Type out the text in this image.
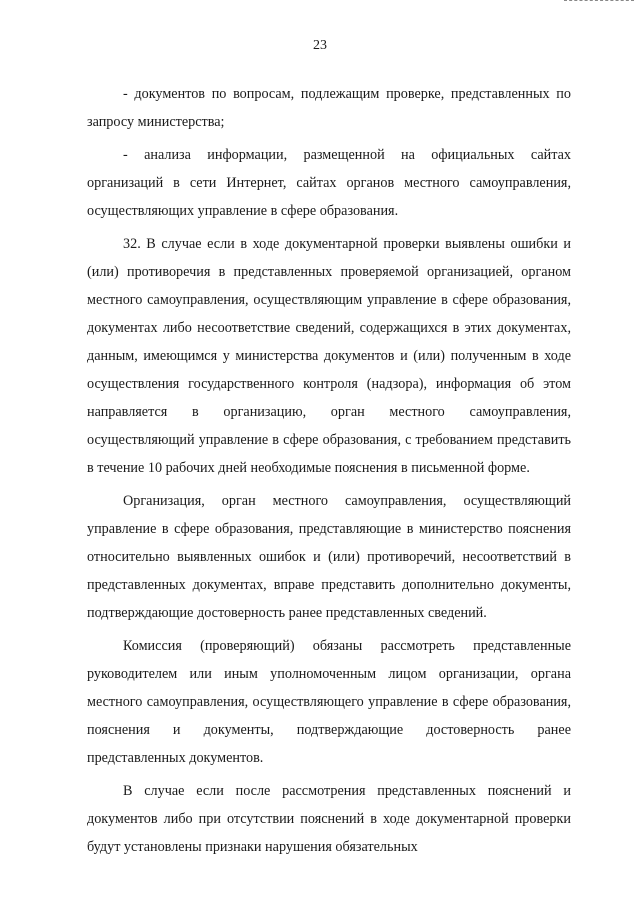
23

- документов по вопросам, подлежащим проверке, представленных по запросу министерства;

- анализа информации, размещенной на официальных сайтах организаций в сети Интернет, сайтах органов местного самоуправления, осуществляющих управление в сфере образования.

32. В случае если в ходе документарной проверки выявлены ошибки и (или) противоречия в представленных проверяемой организацией, органом местного самоуправления, осуществляющим управление в сфере образования, документах либо несоответствие сведений, содержащихся в этих документах, данным, имеющимся у министерства документов и (или) полученным в ходе осуществления государственного контроля (надзора), информация об этом направляется в организацию, орган местного самоуправления, осуществляющий управление в сфере образования, с требованием представить в течение 10 рабочих дней необходимые пояснения в письменной форме.

Организация, орган местного самоуправления, осуществляющий управление в сфере образования, представляющие в министерство пояснения относительно выявленных ошибок и (или) противоречий, несоответствий в представленных документах, вправе представить дополнительно документы, подтверждающие достоверность ранее представленных сведений.

Комиссия (проверяющий) обязаны рассмотреть представленные руководителем или иным уполномоченным лицом организации, органа местного самоуправления, осуществляющего управление в сфере образования, пояснения и документы, подтверждающие достоверность ранее представленных документов.

В случае если после рассмотрения представленных пояснений и документов либо при отсутствии пояснений в ходе документарной проверки будут установлены признаки нарушения обязательных
